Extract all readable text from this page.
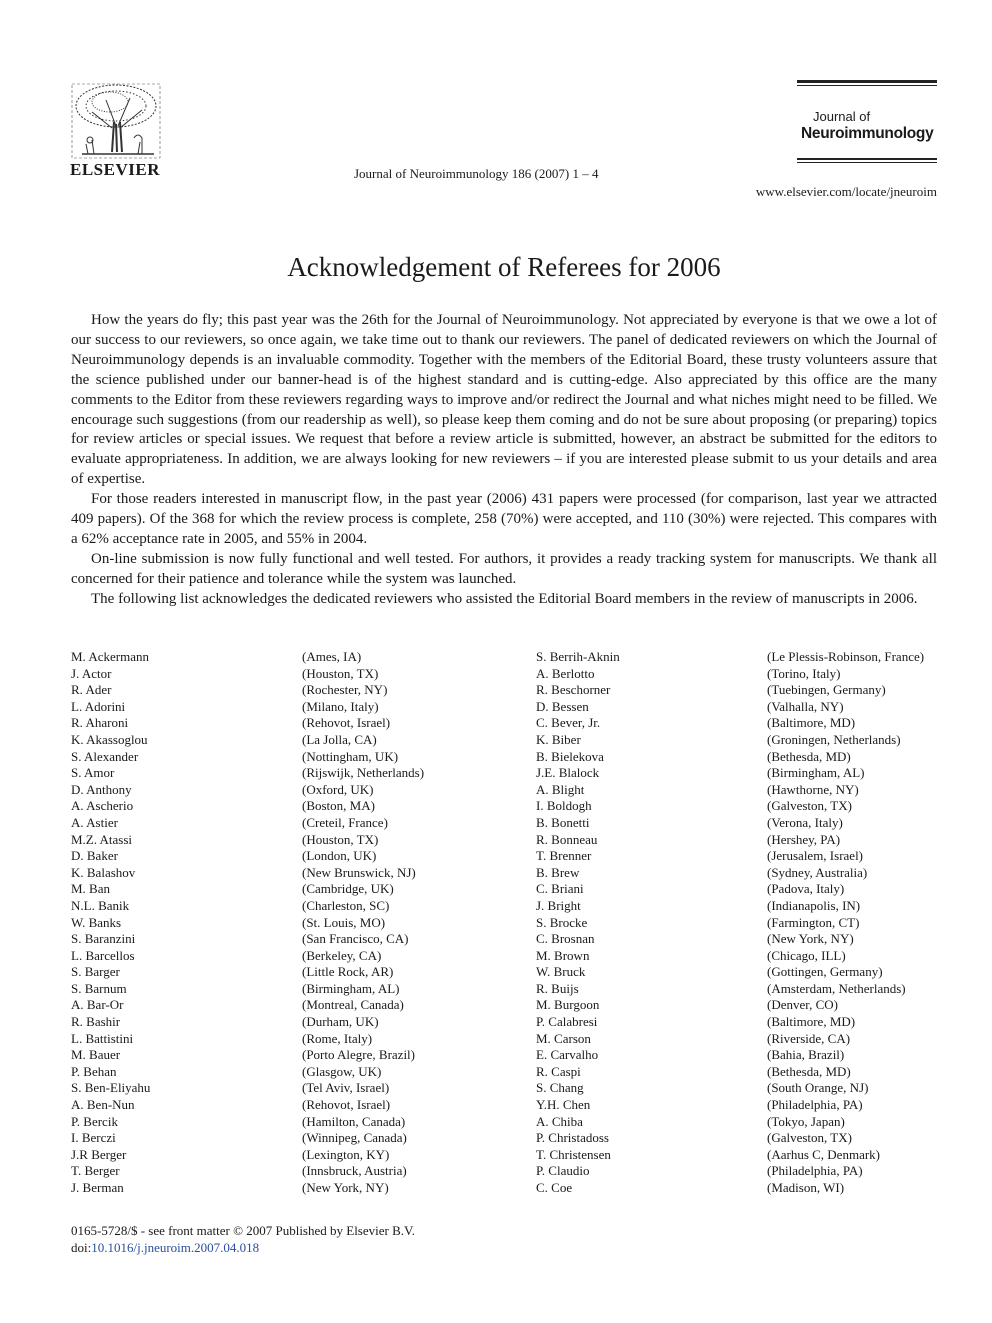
ELSEVIER	Journal of Neuroimmunology 186 (2007) 1 – 4
Journal of
Neuroimmunology
www.elsevier.com/locate/jneuroim
Acknowledgement of Referees for 2006

How the years do fly; this past year was the 26th for the Journal of Neuroimmunology. Not appreciated by everyone is that we owe a lot of our success to our reviewers, so once again, we take time out to thank our reviewers. The panel of dedicated reviewers on which the Journal of Neuroimmunology depends is an invaluable commodity. Together with the members of the Editorial Board, these trusty volunteers assure that the science published under our banner-head is of the highest standard and is cutting-edge. Also appreciated by this office are the many comments to the Editor from these reviewers regarding ways to improve and/or redirect the Journal and what niches might need to be filled. We encourage such suggestions (from our readership as well), so please keep them coming and do not be sure about proposing (or preparing) topics for review articles or special issues. We request that before a review article is submitted, however, an abstract be submitted for the editors to evaluate appropriateness. In addition, we are always looking for new reviewers – if you are interested please submit to us your details and area of expertise.

For those readers interested in manuscript flow, in the past year (2006) 431 papers were processed (for comparison, last year we attracted 409 papers). Of the 368 for which the review process is complete, 258 (70%) were accepted, and 110 (30%) were rejected. This compares with a 62% acceptance rate in 2005, and 55% in 2004.

On-line submission is now fully functional and well tested. For authors, it provides a ready tracking system for manuscripts. We thank all concerned for their patience and tolerance while the system was launched.

The following list acknowledges the dedicated reviewers who assisted the Editorial Board members in the review of manuscripts in 2006.

M. Ackermann
J. Actor
R. Ader
L. Adorini
R. Aharoni
K. Akassoglou
S. Alexander
S. Amor
D. Anthony
A. Ascherio
A. Astier
M.Z. Atassi
D. Baker
K. Balashov
M. Ban
N.L. Banik
W. Banks
S. Baranzini
L. Barcellos
S. Barger
S. Barnum
A. Bar-Or
R. Bashir
L. Battistini
M. Bauer
P. Behan
S. Ben-Eliyahu
A. Ben-Nun
P. Bercik
I. Berczi
J.R Berger
T. Berger
J. Berman
(Ames, IA)
(Houston, TX)
(Rochester, NY)
(Milano, Italy)
(Rehovot, Israel)
(La Jolla, CA)
(Nottingham, UK)
(Rijswijk, Netherlands)
(Oxford, UK)
(Boston, MA)
(Creteil, France)
(Houston, TX)
(London, UK)
(New Brunswick, NJ)
(Cambridge, UK)
(Charleston, SC)
(St. Louis, MO)
(San Francisco, CA)
(Berkeley, CA)
(Little Rock, AR)
(Birmingham, AL)
(Montreal, Canada)
(Durham, UK)
(Rome, Italy)
(Porto Alegre, Brazil)
(Glasgow, UK)
(Tel Aviv, Israel)
(Rehovot, Israel)
(Hamilton, Canada)
(Winnipeg, Canada)
(Lexington, KY)
(Innsbruck, Austria)
(New York, NY)
S. Berrih-Aknin
A. Berlotto
R. Beschorner
D. Bessen
C. Bever, Jr.
K. Biber
B. Bielekova
J.E. Blalock
A. Blight
I. Boldogh
B. Bonetti
R. Bonneau
T. Brenner
B. Brew
C. Briani
J. Bright
S. Brocke
C. Brosnan
M. Brown
W. Bruck
R. Buijs
M. Burgoon
P. Calabresi
M. Carson
E. Carvalho
R. Caspi
S. Chang
Y.H. Chen
A. Chiba
P. Christadoss
T. Christensen
P. Claudio
C. Coe
(Le Plessis-Robinson, France)
(Torino, Italy)
(Tuebingen, Germany)
(Valhalla, NY)
(Baltimore, MD)
(Groningen, Netherlands)
(Bethesda, MD)
(Birmingham, AL)
(Hawthorne, NY)
(Galveston, TX)
(Verona, Italy)
(Hershey, PA)
(Jerusalem, Israel)
(Sydney, Australia)
(Padova, Italy)
(Indianapolis, IN)
(Farmington, CT)
(New York, NY)
(Chicago, ILL)
(Gottingen, Germany)
(Amsterdam, Netherlands)
(Denver, CO)
(Baltimore, MD)
(Riverside, CA)
(Bahia, Brazil)
(Bethesda, MD)
(South Orange, NJ)
(Philadelphia, PA)
(Tokyo, Japan)
(Galveston, TX)
(Aarhus C, Denmark)
(Philadelphia, PA)
(Madison, WI)
0165-5728/$ - see front matter © 2007 Published by Elsevier B.V.
doi:10.1016/j.jneuroim.2007.04.018
